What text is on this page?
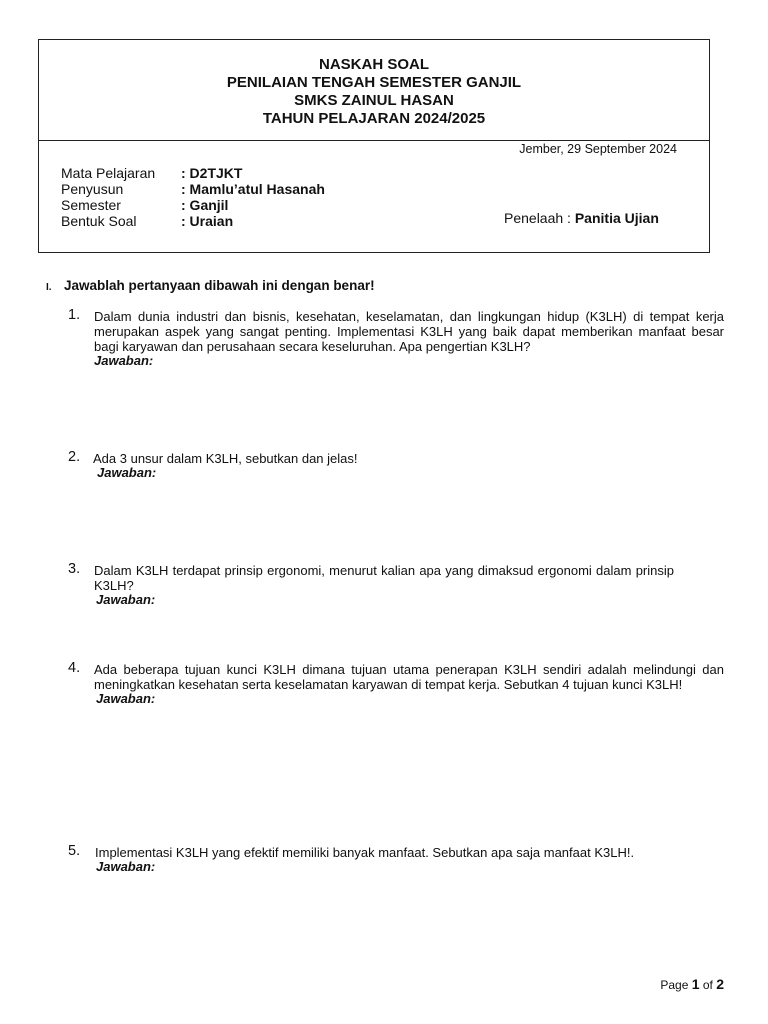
NASKAH SOAL
PENILAIAN TENGAH SEMESTER GANJIL
SMKS ZAINUL HASAN
TAHUN PELAJARAN 2024/2025
Jember, 29 September 2024
Mata Pelajaran : D2TJKT
Penyusun	: Mamlu’atul Hasanah
Semester	: Ganjil
Bentuk Soal	: Uraian	Penelaah : Panitia Ujian
I. Jawablah pertanyaan dibawah ini dengan benar!
1. Dalam dunia industri dan bisnis, kesehatan, keselamatan, dan lingkungan hidup (K3LH) di tempat kerja merupakan aspek yang sangat penting. Implementasi K3LH yang baik dapat memberikan manfaat besar bagi karyawan dan perusahaan secara keseluruhan. Apa pengertian K3LH?
Jawaban:
2. Ada 3 unsur dalam K3LH, sebutkan dan jelas!
Jawaban:
3. Dalam K3LH terdapat prinsip ergonomi, menurut kalian apa yang dimaksud ergonomi dalam prinsip K3LH?
Jawaban:
4. Ada beberapa tujuan kunci K3LH dimana tujuan utama penerapan K3LH sendiri adalah melindungi dan meningkatkan kesehatan serta keselamatan karyawan di tempat kerja. Sebutkan 4 tujuan kunci K3LH!
Jawaban:
5. Implementasi K3LH yang efektif memiliki banyak manfaat. Sebutkan apa saja manfaat K3LH!.
Jawaban:
Page 1 of 2
